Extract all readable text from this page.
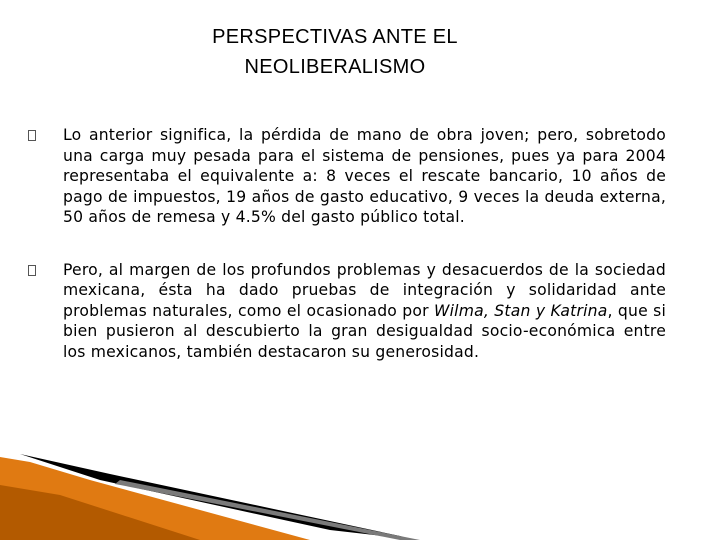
PERSPECTIVAS ANTE EL
NEOLIBERALISMO
Lo anterior significa, la pérdida de mano de obra joven; pero, sobretodo una carga muy pesada para el sistema de pensiones, pues ya para 2004 representaba el equivalente a: 8 veces el rescate bancario, 10 años de pago de impuestos, 19 años de gasto educativo, 9 veces la deuda externa, 50 años de remesa y 4.5% del gasto público total.
Pero, al margen de los profundos problemas y desacuerdos de la sociedad mexicana, ésta ha dado pruebas de integración y solidaridad ante problemas naturales, como el ocasionado por Wilma, Stan y Katrina, que si bien pusieron al descubierto la gran desigualdad socio-económica entre los mexicanos, también destacaron su generosidad.
